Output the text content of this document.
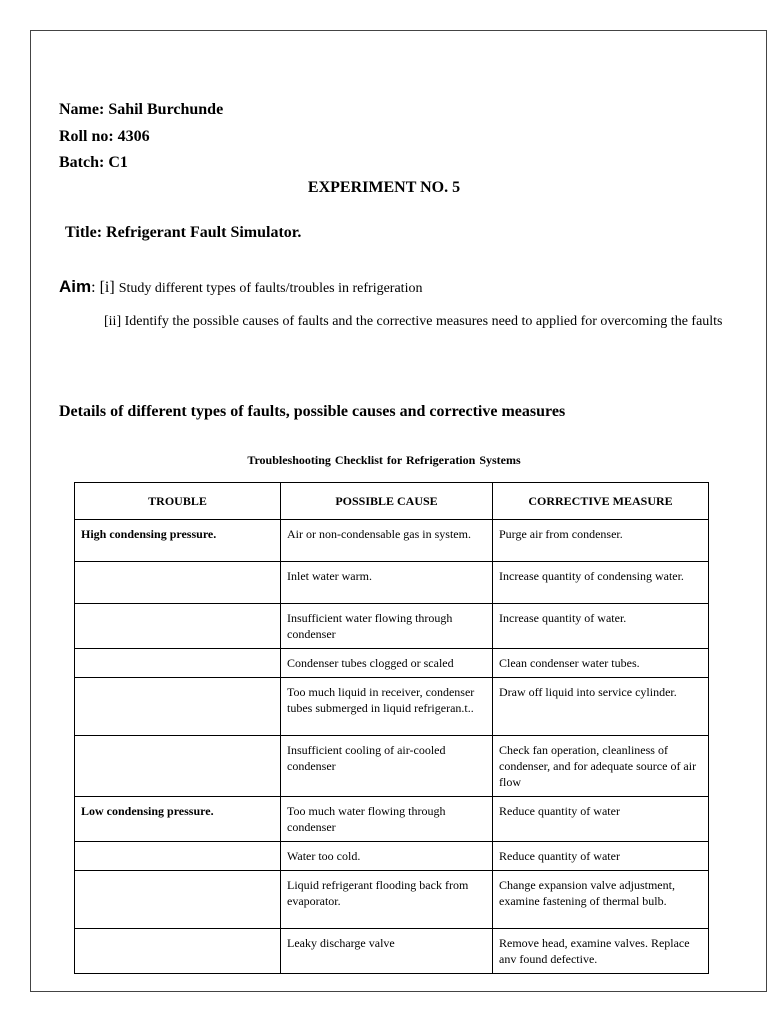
Name: Sahil Burchunde
Roll no: 4306
Batch: C1
EXPERIMENT NO. 5
Title: Refrigerant Fault Simulator.
Aim: [i] Study different types of faults/troubles in refrigeration
[ii] Identify the possible causes of faults and the corrective measures need to applied for overcoming the faults
Details of different types of faults, possible causes and corrective measures
Troubleshooting Checklist for Refrigeration Systems
TROUBLE	POSSIBLE CAUSE	CORRECTIVE MEASURE
High condensing pressure.	Air or non-condensable gas in system.	Purge air from condenser.
	Inlet water warm.	Increase quantity of condensing water.
	Insufficient water flowing through condenser	Increase quantity of water.
	Condenser tubes clogged or scaled	Clean condenser water tubes.
	Too much liquid in receiver, condenser tubes submerged in liquid refrigeran.t..	Draw off liquid into service cylinder.
	Insufficient cooling of air-cooled condenser	Check fan operation, cleanliness of condenser, and for adequate source of air flow
Low condensing pressure.	Too much water flowing through condenser	Reduce quantity of water
	Water too cold.	Reduce quantity of water
	Liquid refrigerant flooding back from evaporator.	Change expansion valve adjustment, examine fastening of thermal bulb.
	Leaky discharge valve	Remove head, examine valves. Replace anv found defective.
